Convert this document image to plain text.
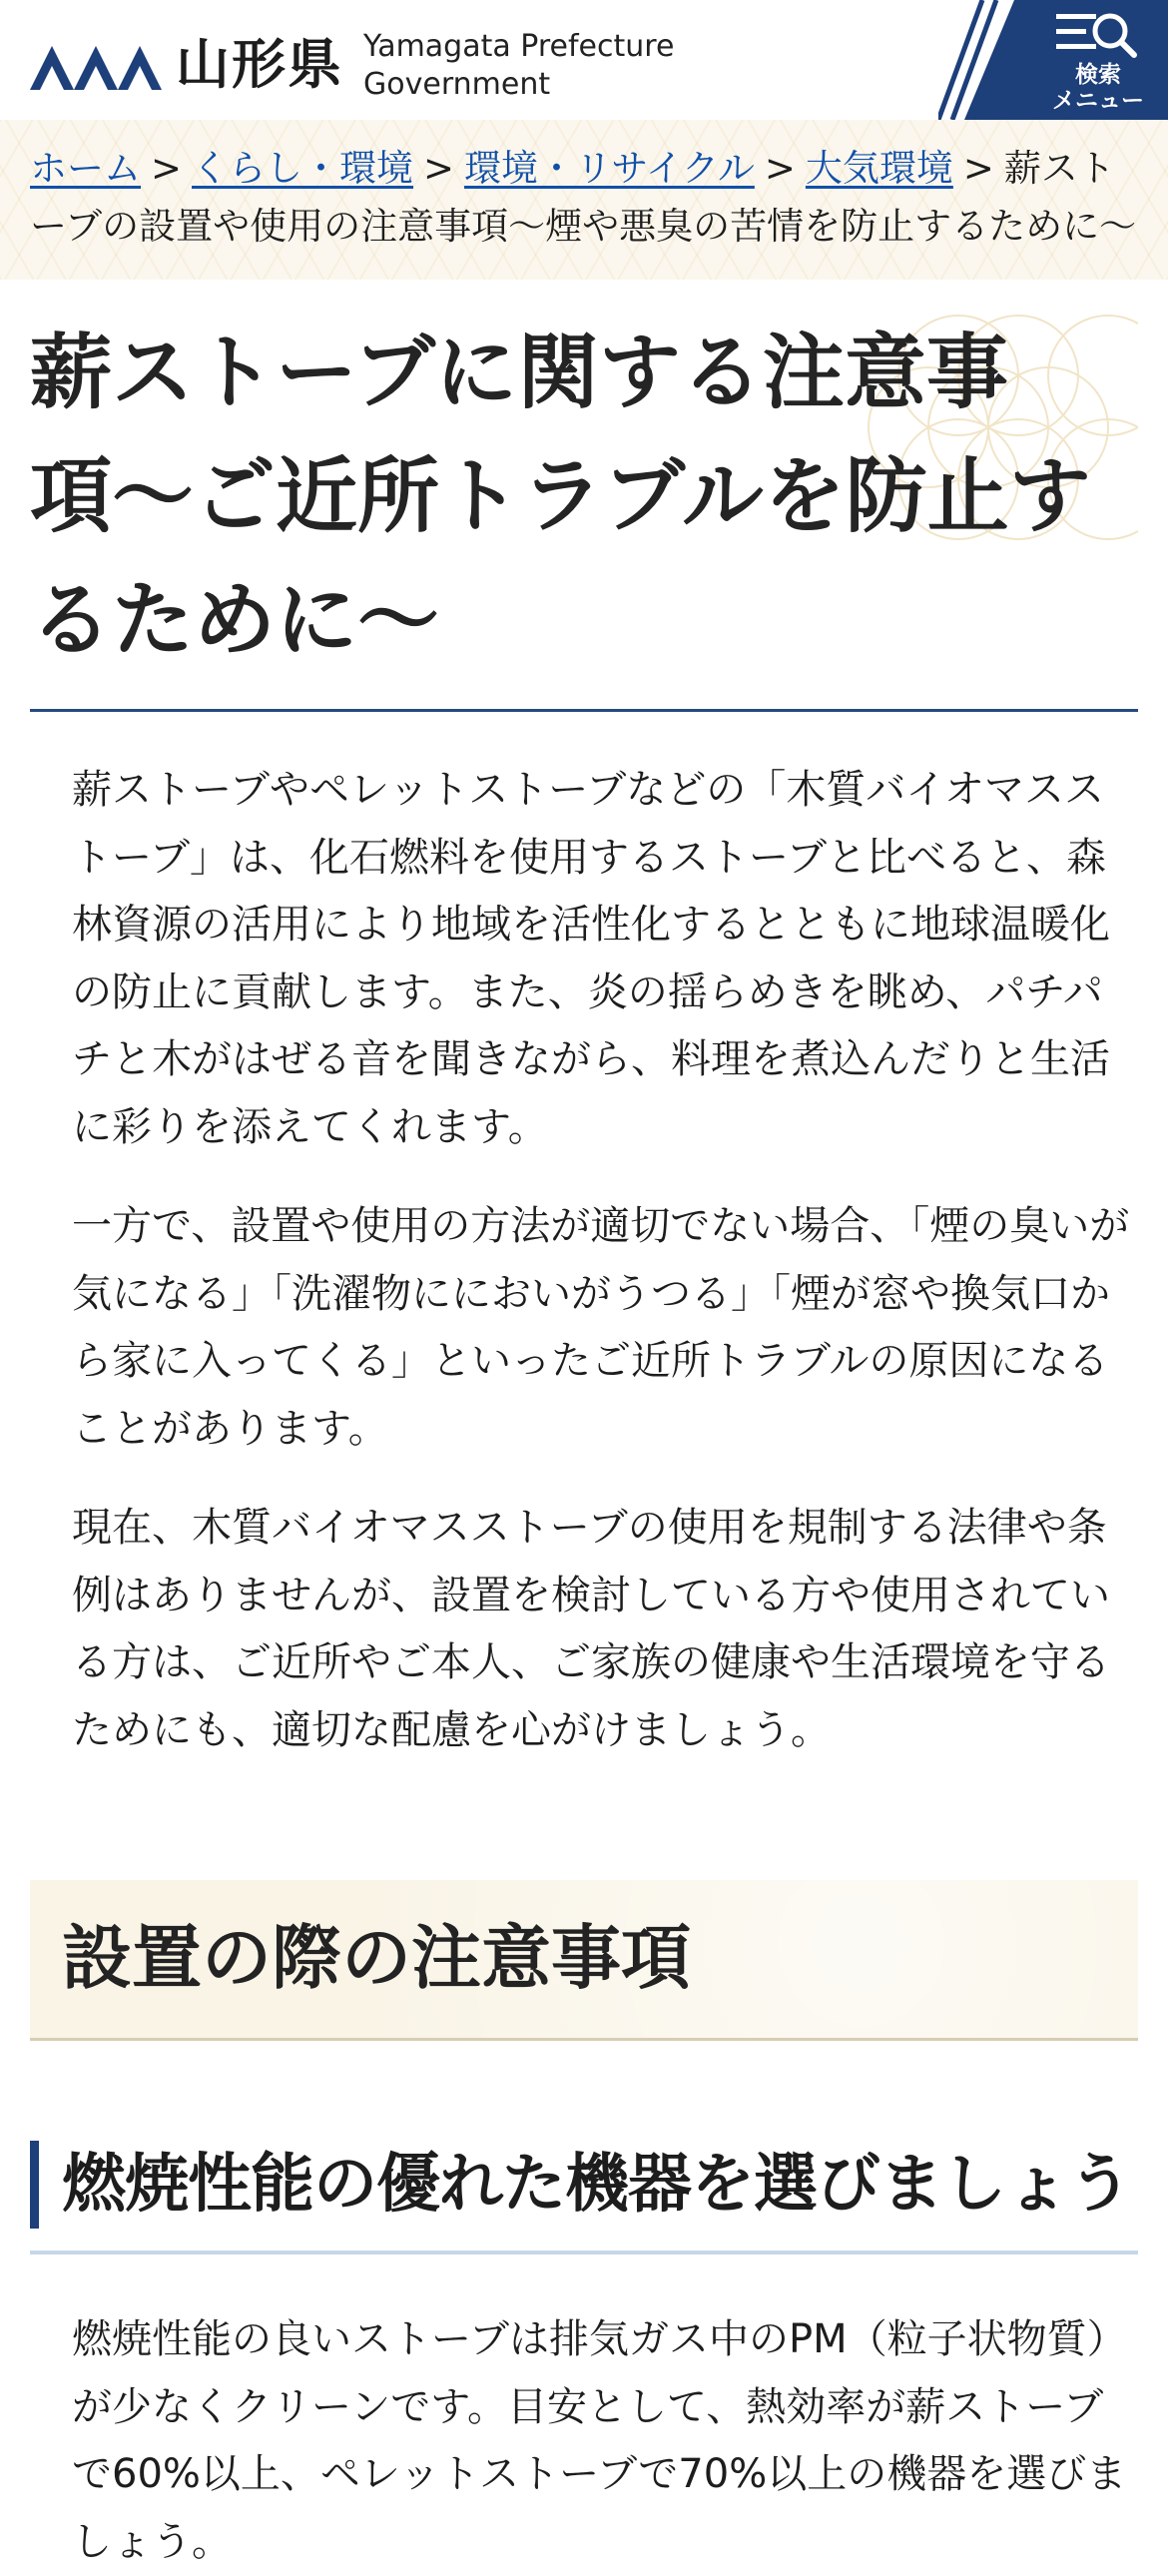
山形県 Yamagata Prefecture
Government	検索
メニュー
ホーム > くらし・環境 > 環境・リサイクル > 大気環境 > 薪ストーブの設置や使用の注意事項〜煙や悪臭の苦情を防止するために〜
薪ストーブに関する注意事項〜ご近所トラブルを防止するために〜

薪ストーブやペレットストーブなどの「木質バイオマスストーブ」は、化石燃料を使用するストーブと比べると、森林資源の活用により地域を活性化するとともに地球温暖化の防止に貢献します。また、炎の揺らめきを眺め、パチパチと木がはぜる音を聞きながら、料理を煮込んだりと生活に彩りを添えてくれます。

一方で、設置や使用の方法が適切でない場合、「煙の臭いが気になる」「洗濯物ににおいがうつる」「煙が窓や換気口から家に入ってくる」といったご近所トラブルの原因になることがあります。

現在、木質バイオマスストーブの使用を規制する法律や条例はありませんが、設置を検討している方や使用されている方は、ご近所やご本人、ご家族の健康や生活環境を守るためにも、適切な配慮を心がけましょう。

設置の際の注意事項
燃焼性能の優れた機器を選びましょう

燃焼性能の良いストーブは排気ガス中のPM（粒子状物質）が少なくクリーンです。目安として、熱効率が薪ストーブで60%以上、ペレットストーブで70%以上の機器を選びましょう。
